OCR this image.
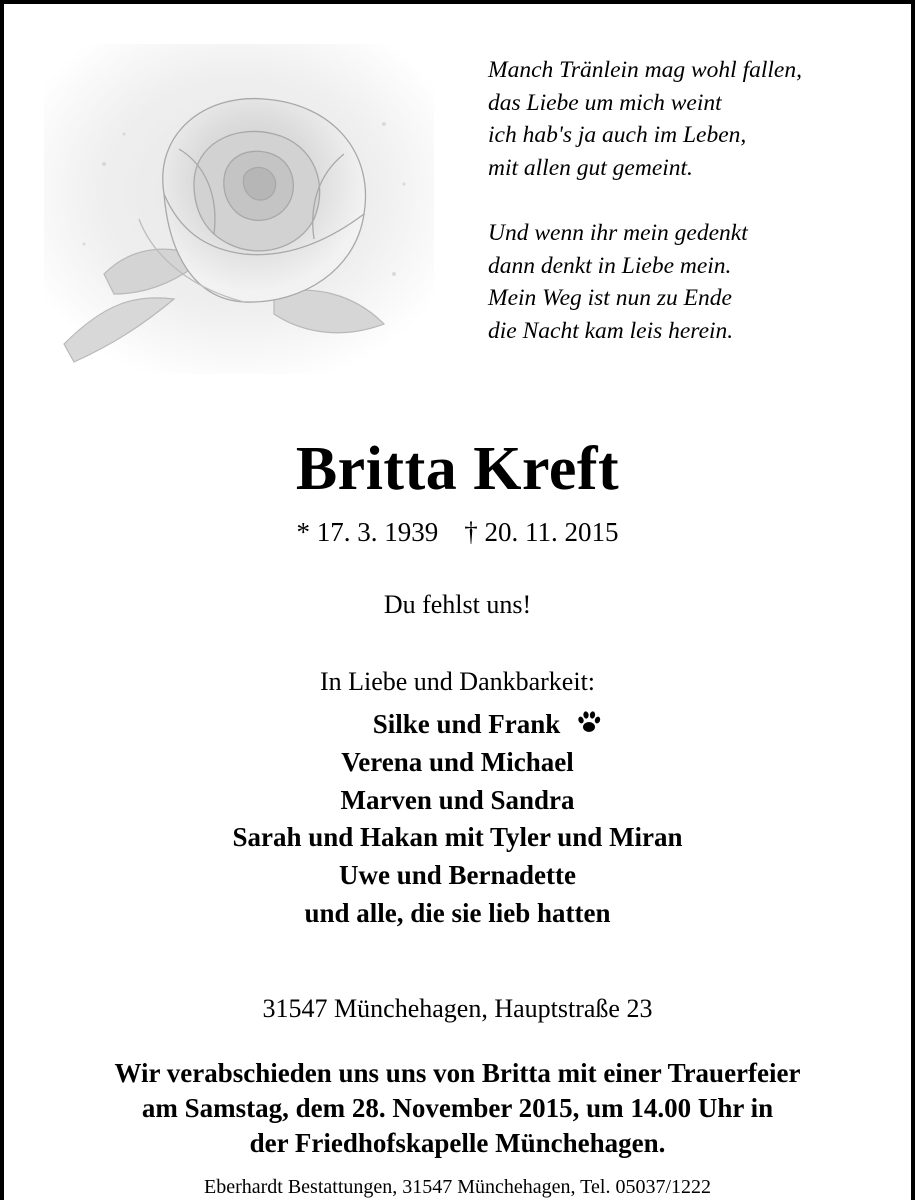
Manch Tränlein mag wohl fallen,
das Liebe um mich weint
ich hab's ja auch im Leben,
mit allen gut gemeint.

Und wenn ihr mein gedenkt
dann denkt in Liebe mein.
Mein Weg ist nun zu Ende
die Nacht kam leis herein.

Britta Kreft
* 17. 3. 1939 † 20. 11. 2015
Du fehlst uns!
In Liebe und Dankbarkeit:
Silke und Frank
Verena und Michael
Marven und Sandra
Sarah und Hakan mit Tyler und Miran
Uwe und Bernadette
und alle, die sie lieb hatten
31547 Münchehagen, Hauptstraße 23
Wir verabschieden uns uns von Britta mit einer Trauerfeier
am Samstag, dem 28. November 2015, um 14.00 Uhr in
der Friedhofskapelle Münchehagen.
Eberhardt Bestattungen, 31547 Münchehagen, Tel. 05037/1222
